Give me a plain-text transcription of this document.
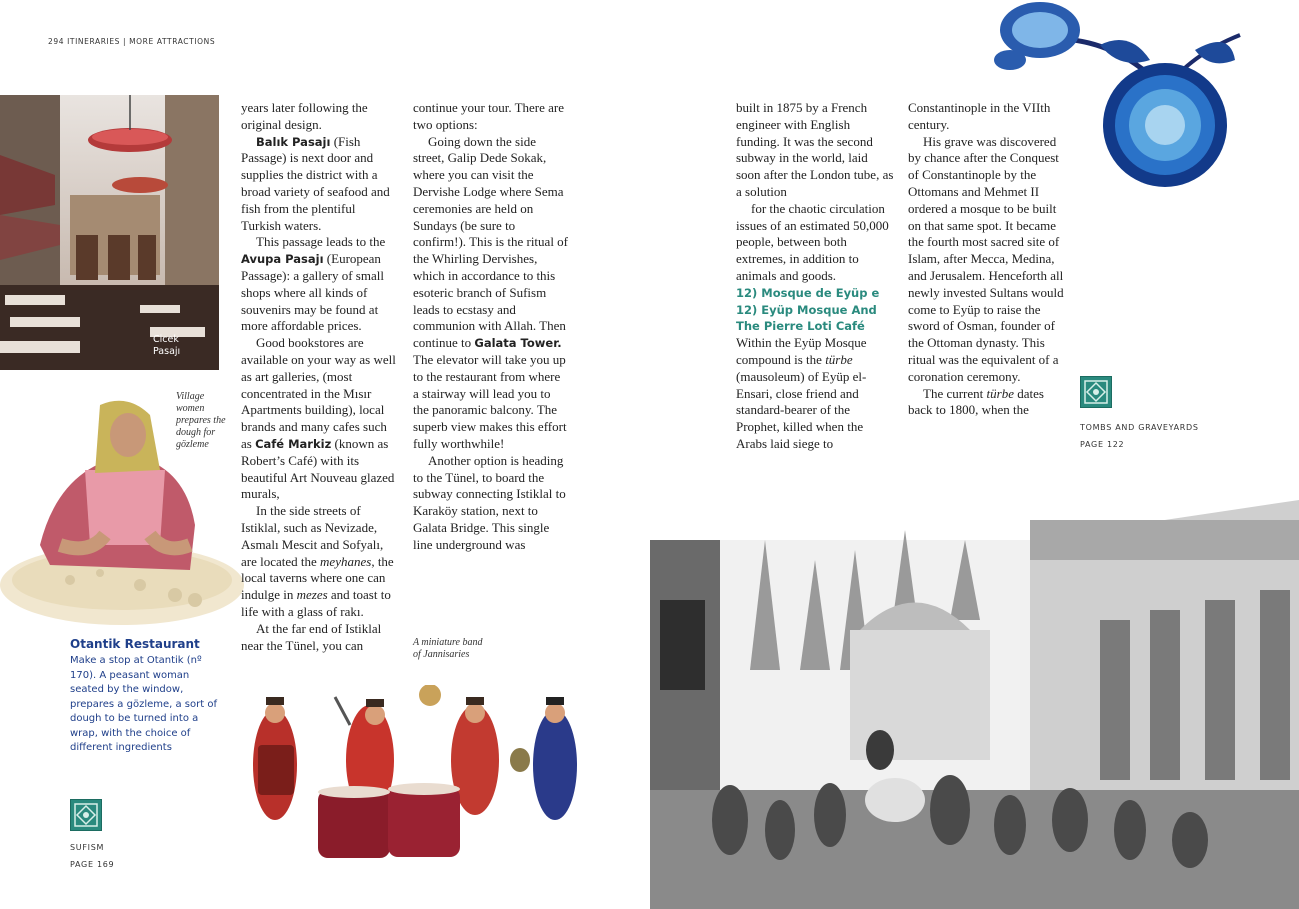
294 ITINERARIES | MORE ATTRACTIONS
Cicek
Pasajı
Village women prepares the dough for gözleme
Otantik Restaurant
Make a stop at Otantik (nº 170). A peasant woman seated by the window, prepares a gözleme, a sort of dough to be turned into a wrap, with the choice of different ingredients
SUFISM
PAGE 169

years later following the original design.

Balık Pasajı (Fish Passage) is next door and supplies the district with a broad variety of seafood and fish from the plentiful Turkish waters.

This passage leads to the Avupa Pasajı (European Passage): a gallery of small shops where all kinds of souvenirs may be found at more affordable prices.

Good bookstores are available on your way as well as art galleries, (most concentrated in the Mısır Apartments building), local brands and many cafes such as Café Markiz (known as Robert’s Café) with its beautiful Art Nouveau glazed murals,

In the side streets of Istiklal, such as Nevizade, Asmalı Mescit and Sofyalı, are located the meyhanes, the local taverns where one can indulge in mezes and toast to life with a glass of rakı.

At the far end of Istiklal near the Tünel, you can

continue your tour. There are two options:

Going down the side street, Galip Dede Sokak, where you can visit the Dervishe Lodge where Sema ceremonies are held on Sundays (be sure to confirm!). This is the ritual of the Whirling Dervishes, which in accordance to this esoteric branch of Sufism leads to ecstasy and communion with Allah. Then continue to Galata Tower. The elevator will take you up to the restaurant from where a stairway will lead you to the panoramic balcony. The superb view makes this effort fully worthwhile!

Another option is heading to the Tünel, to board the subway connecting Istiklal to Karaköy station, next to Galata Bridge. This single line underground was

A miniature band of Jannisaries

built in 1875 by a French engineer with English funding. It was the second subway in the world, laid soon after the London tube, as a solution

for the chaotic circulation issues of an estimated 50,000 people, between both extremes, in addition to animals and goods.

12) Mosque de Eyüp e 12) Eyüp Mosque And The Pierre Loti Café

Within the Eyüp Mosque compound is the türbe (mausoleum) of Eyüp el-Ensari, close friend and standard-bearer of the Prophet, killed when the Arabs laid siege to

Constantinople in the VIIth century.

His grave was discovered by chance after the Conquest of Constantinople by the Ottomans and Mehmet II ordered a mosque to be built on that same spot. It became the fourth most sacred site of Islam, after Mecca, Medina, and Jerusalem. Henceforth all newly invested Sultans would come to Eyüp to raise the sword of Osman, founder of the Ottoman dynasty. This ritual was the equivalent of a coronation ceremony.

The current türbe dates back to 1800, when the

TOMBS AND GRAVEYARDS
PAGE 122
